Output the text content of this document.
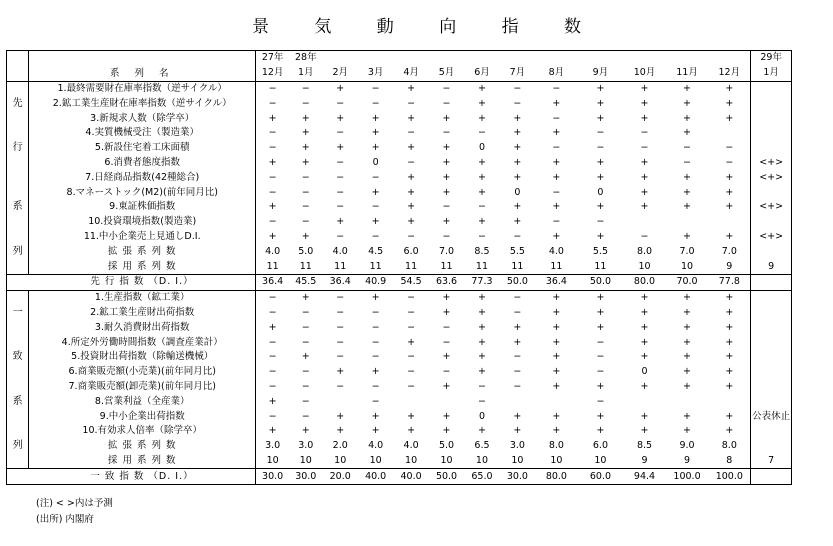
景 気 動 向 指 数
	系 列 名	27年	28年												29年
		12月	1月	2月	3月	4月	5月	6月	7月	8月	9月	10月	11月	12月	1月
	1.最終需要財在庫率指数（逆サイクル）	−	−	+	−	+	−	+	−	−	+	+	+	+	
先	2.鉱工業生産財在庫率指数（逆サイクル）	−	−	−	−	−	−	+	−	+	+	+	+	+	
	3.新規求人数（除学卒）	+	+	+	+	+	+	+	+	−	+	+	+	+	
	4.実質機械受注（製造業）	−	+	−	+	−	−	−	+	+	−	−	+		
行	5.新設住宅着工床面積	−	+	+	+	+	+	0	+	−	−	−	−	−	
	6.消費者態度指数	+	+	−	0	−	+	+	+	+	+	+	−	−	<+>
	7.日経商品指数(42種総合)	−	−	−	−	+	+	+	+	+	+	+	+	+	<+>
	8.マネーストック(M2)(前年同月比)	−	−	−	+	+	+	+	0	−	0	+	+	+	
系	9.東証株価指数	+	−	−	−	+	−	−	+	+	+	+	+	+	<+>
	10.投資環境指数(製造業)	−	−	+	+	+	+	+	+	−	−				
	11.中小企業売上見通しD.I.	+	+	−	−	−	−	−	−	+	+	−	+	+	<+>
列	拡 張 系 列 数	4.0	5.0	4.0	4.5	6.0	7.0	8.5	5.5	4.0	5.5	8.0	7.0	7.0	
	採 用 系 列 数	11	11	11	11	11	11	11	11	11	11	10	10	9	9
	先 行 指 数 （D. I.）	36.4	45.5	36.4	40.9	54.5	63.6	77.3	50.0	36.4	50.0	80.0	70.0	77.8	
	1.生産指数（鉱工業）	−	+	−	+	−	+	+	−	+	+	+	+	+	
一	2.鉱工業生産財出荷指数	−	−	−	−	−	+	+	−	+	+	+	+	+	
	3.耐久消費財出荷指数	+	−	−	−	−	−	+	+	+	+	+	+	+	
	4.所定外労働時間指数（調査産業計）	−	−	−	−	+	−	+	+	+	−	+	+	+	
致	5.投資財出荷指数（除輸送機械）	−	+	−	−	−	+	+	−	+	−	+	+	+	
	6.商業販売額(小売業)(前年同月比)	−	−	+	+	−	−	+	−	+	−	0	+	+	
	7.商業販売額(卸売業)(前年同月比)	−	−	−	−	−	+	−	−	+	+	+	+	+	
系	8.営業利益（全産業）	+	−		−			−			−				
	9.中小企業出荷指数	−	−	+	+	+	+	0	+	+	+	+	+	+	公表休止
	10.有効求人倍率（除学卒）	+	+	+	+	+	+	+	+	+	+	+	+	+	
列	拡 張 系 列 数	3.0	3.0	2.0	4.0	4.0	5.0	6.5	3.0	8.0	6.0	8.5	9.0	8.0	
	採 用 系 列 数	10	10	10	10	10	10	10	10	10	10	9	9	8	7
	一 致 指 数 （D. I.）	30.0	30.0	20.0	40.0	40.0	50.0	65.0	30.0	80.0	60.0	94.4	100.0	100.0	
(注) < >内は予測
(出所) 内閣府
